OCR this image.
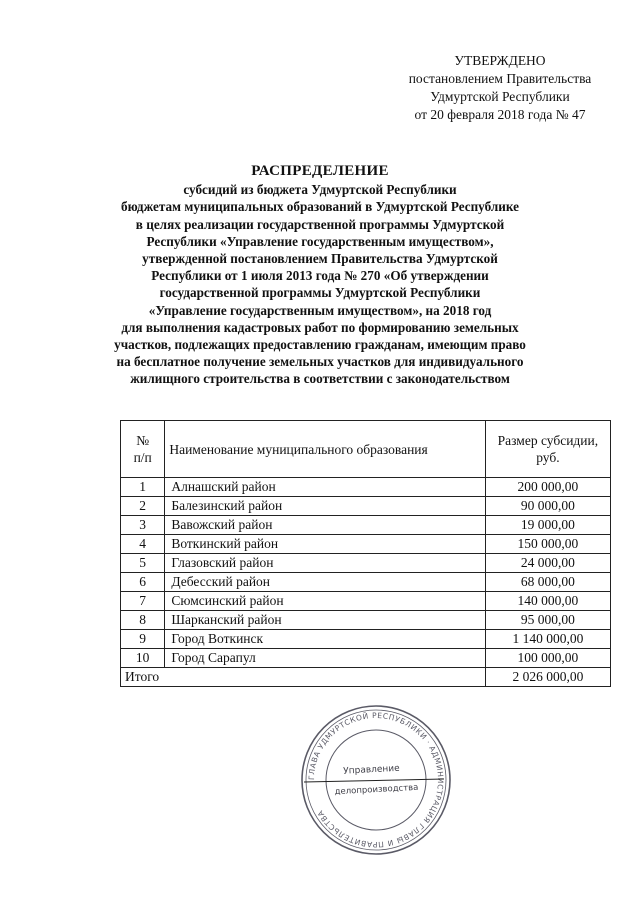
УТВЕРЖДЕНО
постановлением Правительства
Удмуртской Республики
от 20 февраля 2018 года № 47
РАСПРЕДЕЛЕНИЕ
субсидий из бюджета Удмуртской Республики
бюджетам муниципальных образований в Удмуртской Республике
в целях реализации государственной программы Удмуртской
Республики «Управление государственным имуществом»,
утвержденной постановлением Правительства Удмуртской
Республики от 1 июля 2013 года № 270 «Об утверждении
государственной программы Удмуртской Республики
«Управление государственным имуществом», на 2018 год
для выполнения кадастровых работ по формированию земельных
участков, подлежащих предоставлению гражданам, имеющим право
на бесплатное получение земельных участков для индивидуального
жилищного строительства в соответствии с законодательством
№
п/п	Наименование муниципального образования	Размер субсидии,
руб.
1	Алнашский район	200 000,00
2	Балезинский район	90 000,00
3	Вавожский район	19 000,00
4	Воткинский район	150 000,00
5	Глазовский район	24 000,00
6	Дебесский район	68 000,00
7	Сюмсинский район	140 000,00
8	Шарканский район	95 000,00
9	Город Воткинск	1 140 000,00
10	Город Сарапул	100 000,00
Итого		2 026 000,00
ГЛАВА УДМУРТСКОЙ РЕСПУБЛИКИ · АДМИНИСТРАЦИЯ ГЛАВЫ И ПРАВИТЕЛЬСТВА
Управление
делопроизводства
